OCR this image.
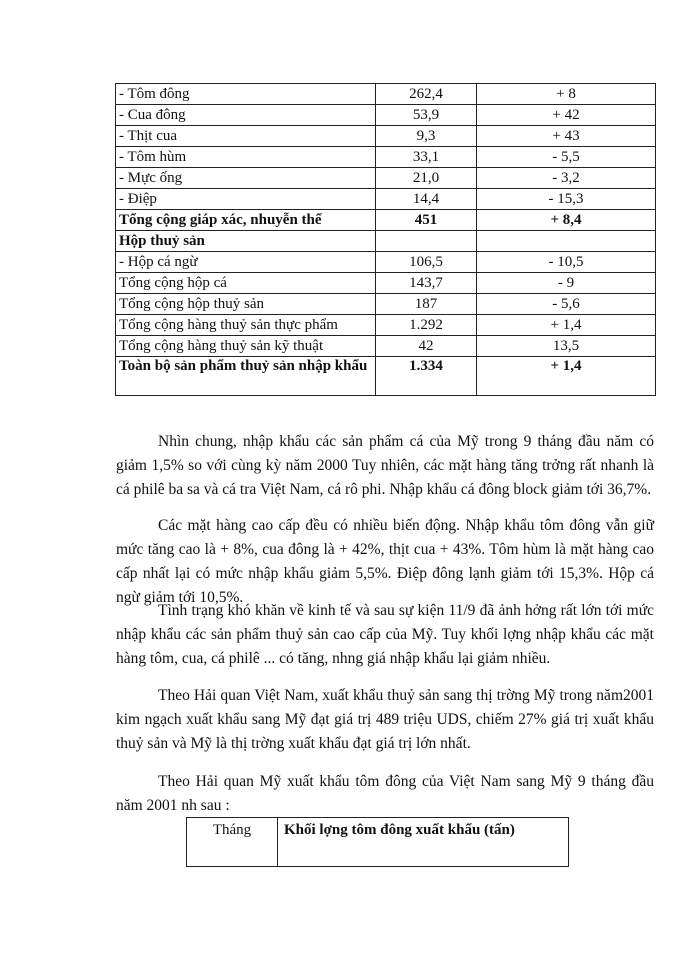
- Tôm đông	262,4	+ 8
- Cua đông	53,9	+ 42
- Thịt cua	9,3	+ 43
- Tôm hùm	33,1	- 5,5
- Mực ống	21,0	- 3,2
- Điệp	14,4	- 15,3
Tổng cộng giáp xác, nhuyễn thể	451	+ 8,4
Hộp thuỷ sản		
- Hộp cá ngừ	106,5	- 10,5
Tổng cộng hộp cá	143,7	- 9
Tổng cộng hộp thuỷ sản	187	- 5,6
Tổng cộng hàng thuỷ sản thực phẩm	1.292	+ 1,4
Tổng cộng hàng thuỷ sản kỹ thuật	42	13,5
Toàn bộ sản phẩm thuỷ sản nhập khẩu	1.334	+ 1,4

Nhìn chung, nhập khẩu các sản phẩm cá của Mỹ trong 9 tháng đầu năm có giảm 1,5% so với cùng kỳ năm 2000 Tuy nhiên, các mặt hàng tăng trởng rất nhanh là cá philê ba sa và cá tra Việt Nam, cá rô phi. Nhập khẩu cá đông block giảm tới 36,7%.

Các mặt hàng cao cấp đều có nhiều biến động. Nhập khẩu tôm đông vẫn giữ mức tăng cao là + 8%, cua đông là + 42%, thịt cua + 43%. Tôm hùm là mặt hàng cao cấp nhất lại có mức nhập khẩu giảm 5,5%. Điệp đông lạnh giảm tới 15,3%. Hộp cá ngừ giảm tới 10,5%.

Tình trạng khó khăn về kinh tế và sau sự kiện 11/9 đã ảnh hởng rất lớn tới mức nhập khẩu các sản phẩm thuỷ sản cao cấp của Mỹ. Tuy khối lợng nhập khẩu các mặt hàng tôm, cua, cá philê ... có tăng, nhng giá nhập khẩu lại giảm nhiều.

Theo Hải quan Việt Nam, xuất khẩu thuỷ sản sang thị trờng Mỹ trong năm2001 kim ngạch xuất khẩu sang Mỹ đạt giá trị 489 triệu UDS, chiếm 27% giá trị xuất khẩu thuỷ sản và Mỹ là thị trờng xuất khẩu đạt giá trị lớn nhất.

Theo Hải quan Mỹ xuất khẩu tôm đông của Việt Nam sang Mỹ 9 tháng đầu năm 2001 nh sau :

Tháng	Khối lợng tôm đông xuất khẩu (tấn)
